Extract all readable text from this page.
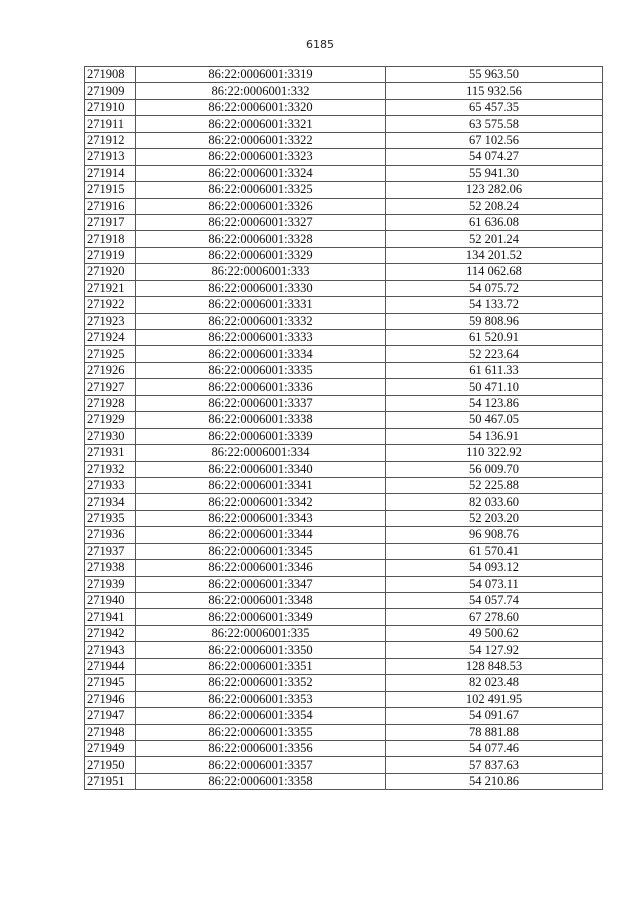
6185
271908	86:22:0006001:3319	55 963.50
271909	86:22:0006001:332	115 932.56
271910	86:22:0006001:3320	65 457.35
271911	86:22:0006001:3321	63 575.58
271912	86:22:0006001:3322	67 102.56
271913	86:22:0006001:3323	54 074.27
271914	86:22:0006001:3324	55 941.30
271915	86:22:0006001:3325	123 282.06
271916	86:22:0006001:3326	52 208.24
271917	86:22:0006001:3327	61 636.08
271918	86:22:0006001:3328	52 201.24
271919	86:22:0006001:3329	134 201.52
271920	86:22:0006001:333	114 062.68
271921	86:22:0006001:3330	54 075.72
271922	86:22:0006001:3331	54 133.72
271923	86:22:0006001:3332	59 808.96
271924	86:22:0006001:3333	61 520.91
271925	86:22:0006001:3334	52 223.64
271926	86:22:0006001:3335	61 611.33
271927	86:22:0006001:3336	50 471.10
271928	86:22:0006001:3337	54 123.86
271929	86:22:0006001:3338	50 467.05
271930	86:22:0006001:3339	54 136.91
271931	86:22:0006001:334	110 322.92
271932	86:22:0006001:3340	56 009.70
271933	86:22:0006001:3341	52 225.88
271934	86:22:0006001:3342	82 033.60
271935	86:22:0006001:3343	52 203.20
271936	86:22:0006001:3344	96 908.76
271937	86:22:0006001:3345	61 570.41
271938	86:22:0006001:3346	54 093.12
271939	86:22:0006001:3347	54 073.11
271940	86:22:0006001:3348	54 057.74
271941	86:22:0006001:3349	67 278.60
271942	86:22:0006001:335	49 500.62
271943	86:22:0006001:3350	54 127.92
271944	86:22:0006001:3351	128 848.53
271945	86:22:0006001:3352	82 023.48
271946	86:22:0006001:3353	102 491.95
271947	86:22:0006001:3354	54 091.67
271948	86:22:0006001:3355	78 881.88
271949	86:22:0006001:3356	54 077.46
271950	86:22:0006001:3357	57 837.63
271951	86:22:0006001:3358	54 210.86
